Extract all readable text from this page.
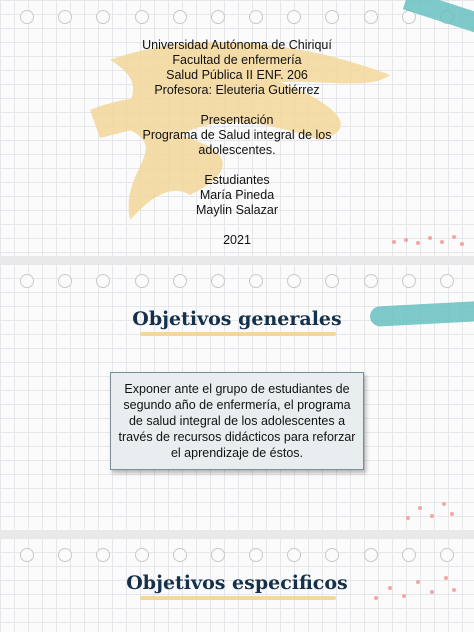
Universidad Autónoma de Chiriquí
Facultad de enfermería
Salud Pública II ENF. 206
Profesora: Eleuteria Gutiérrez
Presentación
Programa de Salud integral de los
adolescentes.
Estudiantes
María Pineda
Maylin Salazar
2021
Objetivos generales
Exponer ante el grupo de estudiantes de segundo año de enfermería, el programa de salud integral de los adolescentes a través de recursos didácticos para reforzar el aprendizaje de éstos.
Objetivos especificos
